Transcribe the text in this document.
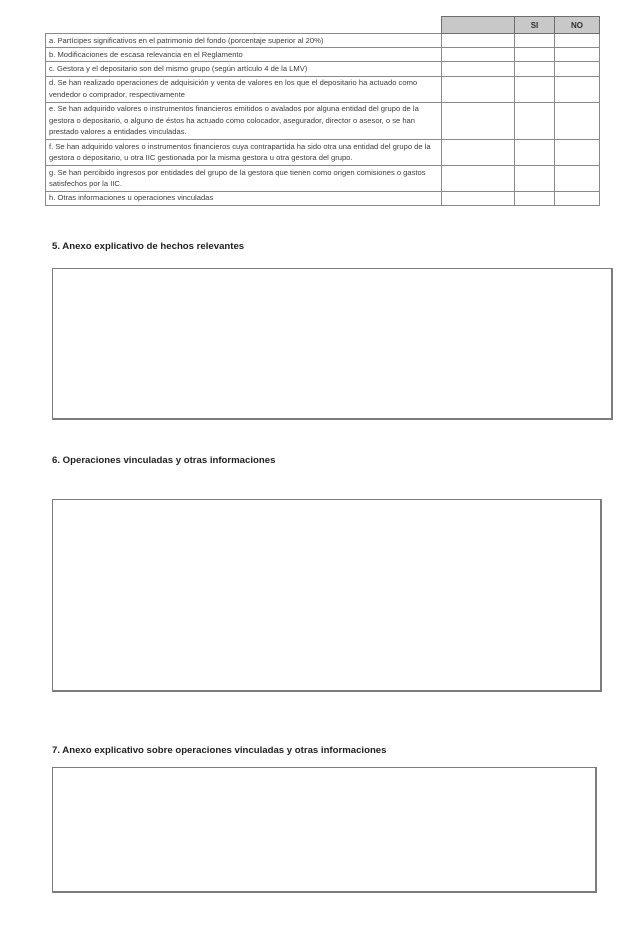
		SI	NO
a. Partícipes significativos en el patrimonio del fondo (porcentaje superior al 20%)			
b. Modificaciones de escasa relevancia en el Reglamento			
c. Gestora y el depositario son del mismo grupo (según artículo 4 de la LMV)			
d. Se han realizado operaciones de adquisición y venta de valores en los que el depositario ha actuado como vendedor o comprador, respectivamente			
e. Se han adquirido valores o instrumentos financieros emitidos o avalados por alguna entidad del grupo de la gestora o depositario, o alguno de éstos ha actuado como colocador, asegurador, director o asesor, o se han prestado valores a entidades vinculadas.			
f. Se han adquirido valores o instrumentos financieros cuya contrapartida ha sido otra una entidad del grupo de la gestora o depositario, u otra IIC gestionada por la misma gestora u otra gestora del grupo.			
g. Se han percibido ingresos por entidades del grupo de la gestora que tienen como origen comisiones o gastos satisfechos por la IIC.			
h. Otras informaciones u operaciones vinculadas			
5. Anexo explicativo de hechos relevantes
6. Operaciones vinculadas y otras informaciones
7. Anexo explicativo sobre operaciones vinculadas y otras informaciones
